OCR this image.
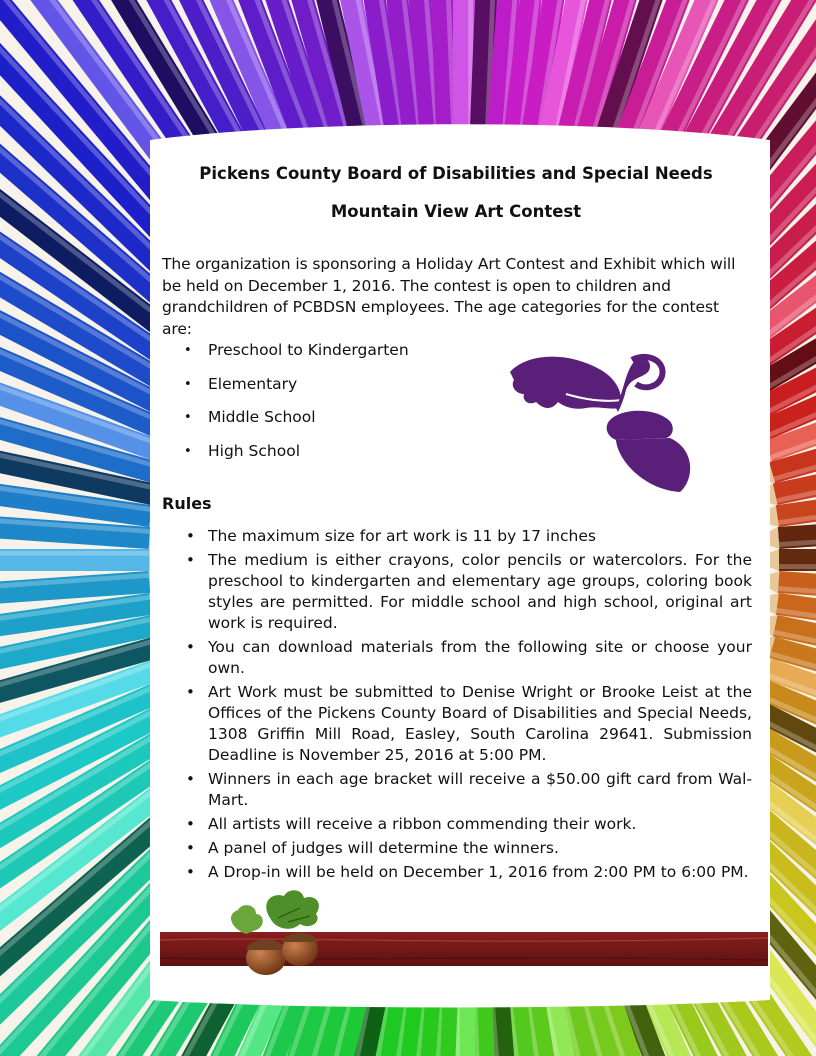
Pickens County Board of Disabilities and Special Needs
Mountain View Art Contest

The organization is sponsoring a Holiday Art Contest and Exhibit which will be held on December 1, 2016. The contest is open to children and grandchildren of PCBDSN employees. The age categories for the contest are:

• Preschool to Kindergarten
• Elementary
• Middle School
• High School
Rules
• The maximum size for art work is 11 by 17 inches
• The medium is either crayons, color pencils or watercolors. For the preschool to kindergarten and elementary age groups, coloring book styles are permitted. For middle school and high school, original art work is required.
• You can download materials from the following site or choose your own.
• Art Work must be submitted to Denise Wright or Brooke Leist at the Offices of the Pickens County Board of Disabilities and Special Needs, 1308 Griffin Mill Road, Easley, South Carolina 29641. Submission Deadline is November 25, 2016 at 5:00 PM.
• Winners in each age bracket will receive a $50.00 gift card from Wal-Mart.
• All artists will receive a ribbon commending their work.
• A panel of judges will determine the winners.
• A Drop-in will be held on December 1, 2016 from 2:00 PM to 6:00 PM.
